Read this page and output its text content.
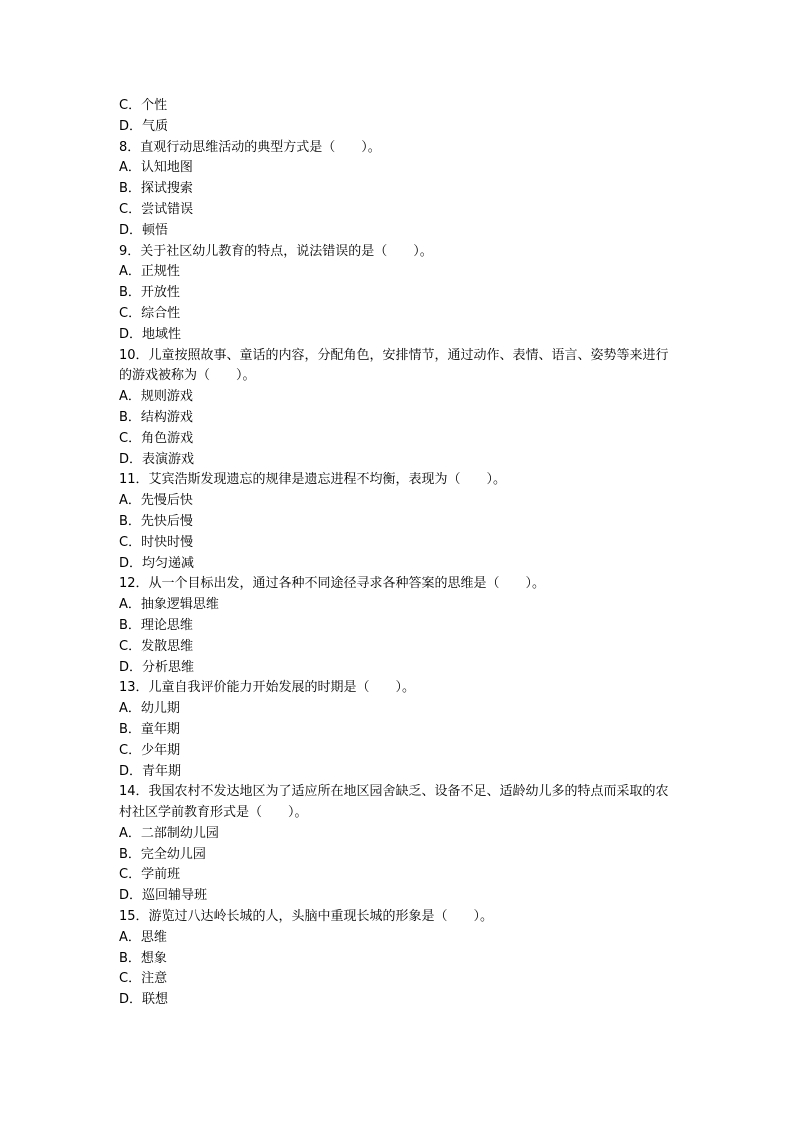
C．个性
D．气质
8．直观行动思维活动的典型方式是（　　）。
A．认知地图
B．探试搜索
C．尝试错误
D．顿悟
9．关于社区幼儿教育的特点，说法错误的是（　　）。
A．正规性
B．开放性
C．综合性
D．地域性
10．儿童按照故事、童话的内容，分配角色，安排情节，通过动作、表情、语言、姿势等来进行的游戏被称为（　　）。
A．规则游戏
B．结构游戏
C．角色游戏
D．表演游戏
11．艾宾浩斯发现遗忘的规律是遗忘进程不均衡，表现为（　　）。
A．先慢后快
B．先快后慢
C．时快时慢
D．均匀递减
12．从一个目标出发，通过各种不同途径寻求各种答案的思维是（　　）。
A．抽象逻辑思维
B．理论思维
C．发散思维
D．分析思维
13．儿童自我评价能力开始发展的时期是（　　）。
A．幼儿期
B．童年期
C．少年期
D．青年期
14．我国农村不发达地区为了适应所在地区园舍缺乏、设备不足、适龄幼儿多的特点而采取的农村社区学前教育形式是（　　）。
A．二部制幼儿园
B．完全幼儿园
C．学前班
D．巡回辅导班
15．游览过八达岭长城的人，头脑中重现长城的形象是（　　）。
A．思维
B．想象
C．注意
D．联想
